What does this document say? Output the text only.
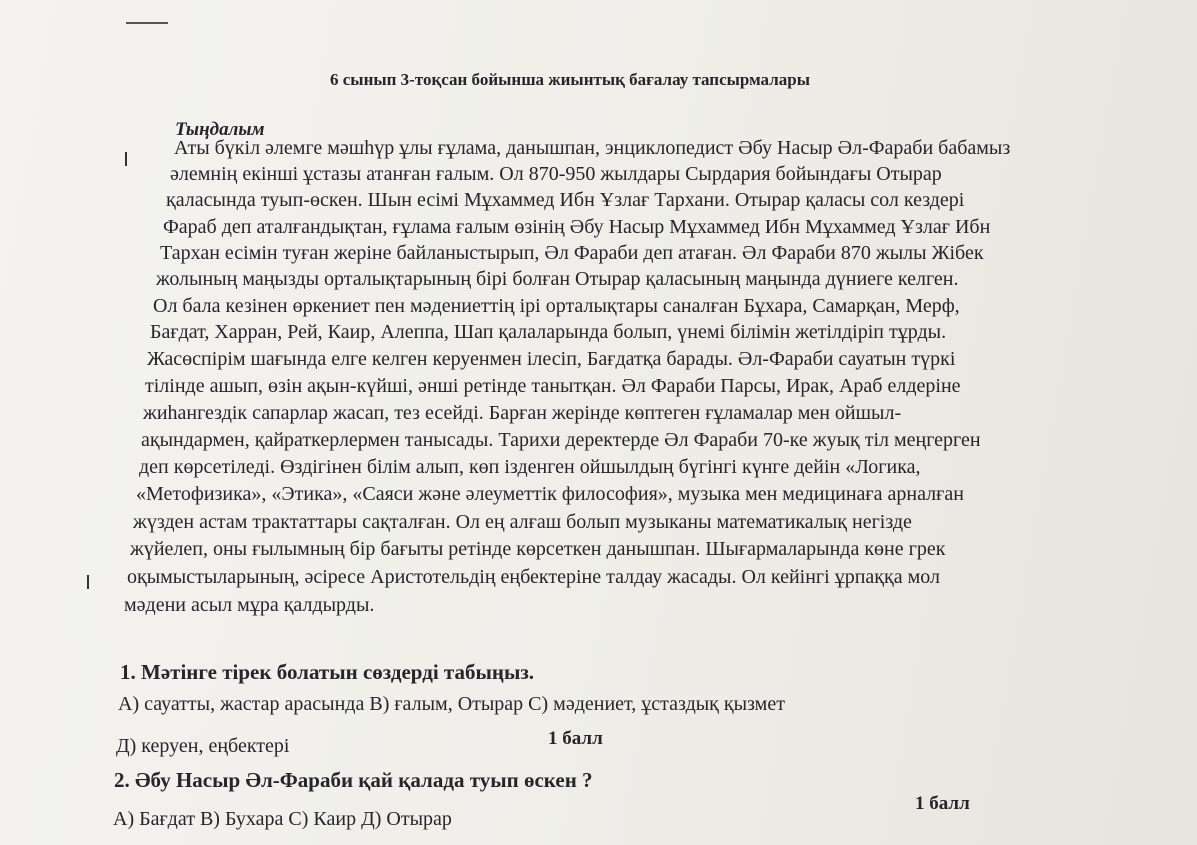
6 сынып 3-тоқсан бойынша жиынтық бағалау тапсырмалары
Тыңдалым
Аты бүкіл әлемге мәшһүр ұлы ғұлама, данышпан, энциклопедист Әбу Насыр Әл-Фараби бабамыз
әлемнің екінші ұстазы атанған ғалым. Ол 870-950 жылдары Сырдария бойындағы Отырар
қаласында туып-өскен. Шын есімі Мұхаммед Ибн Ұзлағ Тархани. Отырар қаласы сол кездері
Фараб деп аталғандықтан, ғұлама ғалым өзінің Әбу Насыр Мұхаммед Ибн Мұхаммед Ұзлағ Ибн
Тархан есімін туған жеріне байланыстырып, Әл Фараби деп атаған. Әл Фараби 870 жылы Жібек
жолының маңызды орталықтарының бірі болған Отырар қаласының маңында дүниеге келген.
Ол бала кезінен өркениет пен мәдениеттің ірі орталықтары саналған Бұхара, Самарқан, Мерф,
Бағдат, Харран, Рей, Каир, Алеппа, Шап қалаларында болып, үнемі білімін жетілдіріп тұрды.
Жасөспірім шағында елге келген керуенмен ілесіп, Бағдатқа барады. Әл-Фараби сауатын түркі
тілінде ашып, өзін ақын-күйші, әнші ретінде танытқан. Әл Фараби Парсы, Ирак, Араб елдеріне
жиһангездік сапарлар жасап, тез есейді. Барған жерінде көптеген ғұламалар мен ойшыл-
ақындармен, қайраткерлермен танысады. Тарихи деректерде Әл Фараби 70-ке жуық тіл меңгерген
деп көрсетіледі. Өздігінен білім алып, көп ізденген ойшылдың бүгінгі күнге дейін «Логика,
«Метофизика», «Этика», «Саяси және әлеуметтік философия», музыка мен медицинаға арналған
жүзден астам трактаттары сақталған. Ол ең алғаш болып музыканы математикалық негізде
жүйелеп, оны ғылымның бір бағыты ретінде көрсеткен данышпан. Шығармаларында көне грек
оқымыстыларының, әсіресе Аристотельдің еңбектеріне талдау жасады. Ол кейінгі ұрпаққа мол
мәдени асыл мұра қалдырды.
1. Мәтінге тірек болатын сөздерді табыңыз.
А) сауатты, жастар арасында В) ғалым, Отырар С) мәдениет, ұстаздық қызмет
Д) керуен, еңбектері	1 балл
2. Әбу Насыр Әл-Фараби қай қалада туып өскен ?
А) Бағдат В) Бухара С) Каир Д) Отырар
1 балл
